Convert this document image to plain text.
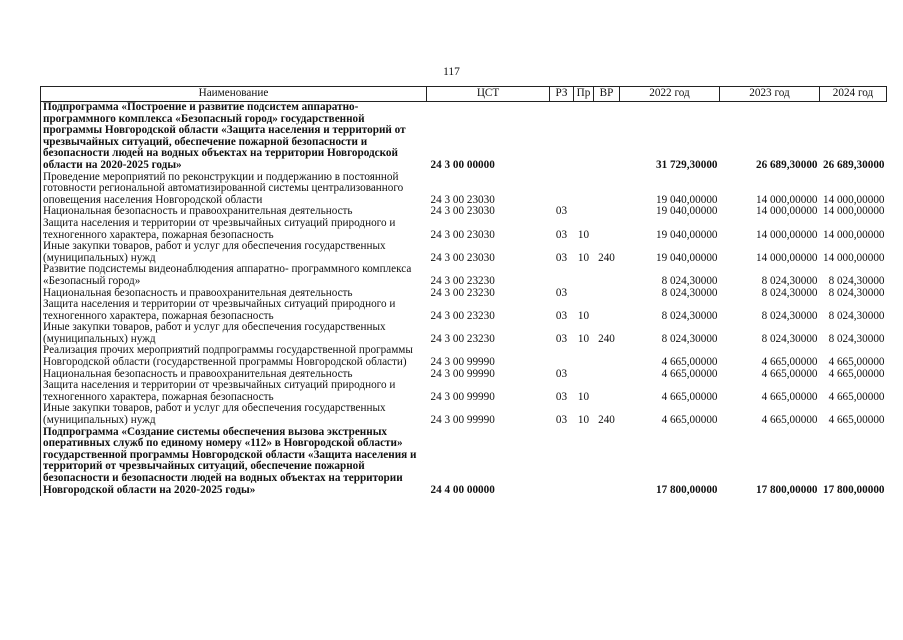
117
Наименование	ЦСТ	РЗ	Пр	ВР	2022 год	2023 год	2024 год
Подпрограмма «Построение и развитие подсистем аппаратно-программного комплекса «Безопасный город» государственной программы Новгородской области «Защита населения и территорий от чрезвычайных ситуаций, обеспечение пожарной безопасности и безопасности людей на водных объектах на территории Новгородской области на 2020-2025 годы»	24 3 00 00000				31 729,30000	26 689,30000	26 689,30000
Проведение мероприятий по реконструкции и поддержанию в постоянной готовности региональной автоматизированной системы централизованного оповещения населения Новгородской области	24 3 00 23030				19 040,00000	14 000,00000	14 000,00000
Национальная безопасность и правоохранительная деятельность	24 3 00 23030	03			19 040,00000	14 000,00000	14 000,00000
Защита населения и территории от чрезвычайных ситуаций природного и техногенного характера, пожарная безопасность	24 3 00 23030	03	10		19 040,00000	14 000,00000	14 000,00000
Иные закупки товаров, работ и услуг для обеспечения государственных (муниципальных) нужд	24 3 00 23030	03	10	240	19 040,00000	14 000,00000	14 000,00000
Развитие подсистемы видеонаблюдения аппаратно- программного комплекса «Безопасный город»	24 3 00 23230				8 024,30000	8 024,30000	8 024,30000
Национальная безопасность и правоохранительная деятельность	24 3 00 23230	03			8 024,30000	8 024,30000	8 024,30000
Защита населения и территории от чрезвычайных ситуаций природного и техногенного характера, пожарная безопасность	24 3 00 23230	03	10		8 024,30000	8 024,30000	8 024,30000
Иные закупки товаров, работ и услуг для обеспечения государственных (муниципальных) нужд	24 3 00 23230	03	10	240	8 024,30000	8 024,30000	8 024,30000
Реализация прочих мероприятий подпрограммы государственной программы Новгородской области (государственной программы Новгородской области)	24 3 00 99990				4 665,00000	4 665,00000	4 665,00000
Национальная безопасность и правоохранительная деятельность	24 3 00 99990	03			4 665,00000	4 665,00000	4 665,00000
Защита населения и территории от чрезвычайных ситуаций природного и техногенного характера, пожарная безопасность	24 3 00 99990	03	10		4 665,00000	4 665,00000	4 665,00000
Иные закупки товаров, работ и услуг для обеспечения государственных (муниципальных) нужд	24 3 00 99990	03	10	240	4 665,00000	4 665,00000	4 665,00000
Подпрограмма «Создание системы обеспечения вызова экстренных оперативных служб по единому номеру «112» в Новгородской области» государственной программы Новгородской области «Защита населения и территорий от чрезвычайных ситуаций, обеспечение пожарной безопасности и безопасности людей на водных объектах на территории Новгородской области на 2020-2025 годы»	24 4 00 00000				17 800,00000	17 800,00000	17 800,00000
